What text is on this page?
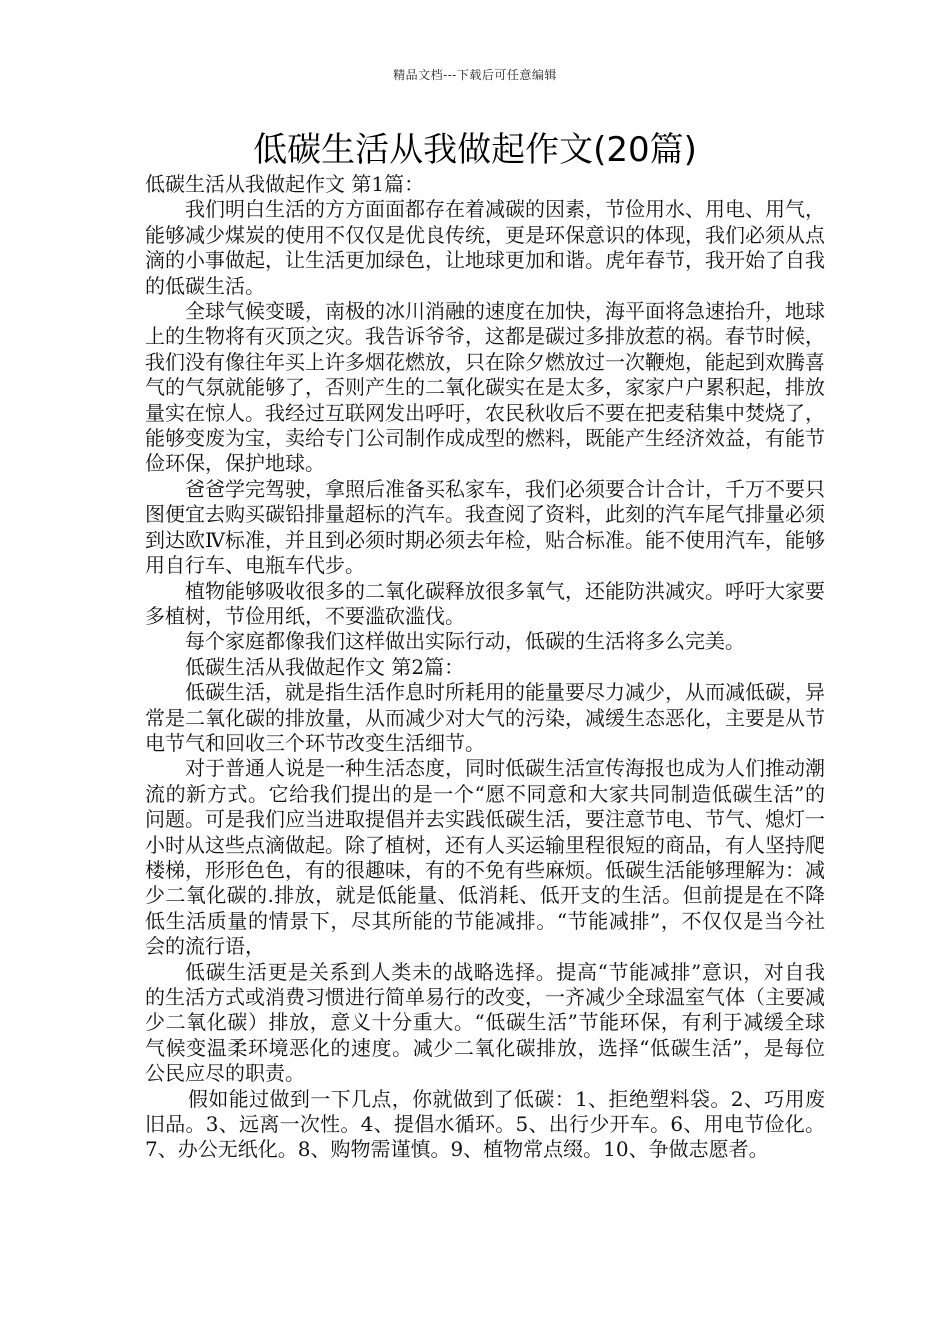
精品文档---下载后可任意编辑
低碳生活从我做起作文(20篇)

低碳生活从我做起作文 第1篇：

我们明白生活的方方面面都存在着减碳的因素，节俭用水、用电、用气，能够减少煤炭的使用不仅仅是优良传统，更是环保意识的体现，我们必须从点滴的小事做起，让生活更加绿色，让地球更加和谐。虎年春节，我开始了自我的低碳生活。

全球气候变暖，南极的冰川消融的速度在加快，海平面将急速抬升，地球上的生物将有灭顶之灾。我告诉爷爷，这都是碳过多排放惹的祸。春节时候，我们没有像往年买上许多烟花燃放，只在除夕燃放过一次鞭炮，能起到欢腾喜气的气氛就能够了，否则产生的二氧化碳实在是太多，家家户户累积起，排放量实在惊人。我经过互联网发出呼吁，农民秋收后不要在把麦秸集中焚烧了，能够变废为宝，卖给专门公司制作成成型的燃料，既能产生经济效益，有能节俭环保，保护地球。

爸爸学完驾驶，拿照后准备买私家车，我们必须要合计合计，千万不要只图便宜去购买碳铅排量超标的汽车。我查阅了资料，此刻的汽车尾气排量必须到达欧Ⅳ标准，并且到必须时期必须去年检，贴合标准。能不使用汽车，能够用自行车、电瓶车代步。

植物能够吸收很多的二氧化碳释放很多氧气，还能防洪减灾。呼吁大家要多植树，节俭用纸，不要滥砍滥伐。

每个家庭都像我们这样做出实际行动，低碳的生活将多么完美。

低碳生活从我做起作文 第2篇：

低碳生活，就是指生活作息时所耗用的能量要尽力减少，从而减低碳，异常是二氧化碳的排放量，从而减少对大气的污染，减缓生态恶化，主要是从节电节气和回收三个环节改变生活细节。

对于普通人说是一种生活态度，同时低碳生活宣传海报也成为人们推动潮流的新方式。它给我们提出的是一个“愿不同意和大家共同制造低碳生活”的问题。可是我们应当进取提倡并去实践低碳生活，要注意节电、节气、熄灯一小时从这些点滴做起。除了植树，还有人买运输里程很短的商品，有人坚持爬楼梯，形形色色，有的很趣味，有的不免有些麻烦。低碳生活能够理解为：减少二氧化碳的.排放，就是低能量、低消耗、低开支的生活。但前提是在不降低生活质量的情景下，尽其所能的节能减排。“节能减排”，不仅仅是当今社会的流行语，

低碳生活更是关系到人类未的战略选择。提高“节能减排”意识，对自我的生活方式或消费习惯进行简单易行的改变，一齐减少全球温室气体（主要减少二氧化碳）排放，意义十分重大。“低碳生活”节能环保，有利于减缓全球气候变温柔环境恶化的速度。减少二氧化碳排放，选择“低碳生活”，是每位公民应尽的职责。

假如能过做到一下几点，你就做到了低碳：1、拒绝塑料袋。2、巧用废旧品。3、远离一次性。4、提倡水循环。5、出行少开车。6、用电节俭化。7、办公无纸化。8、购物需谨慎。9、植物常点缀。10、争做志愿者。
